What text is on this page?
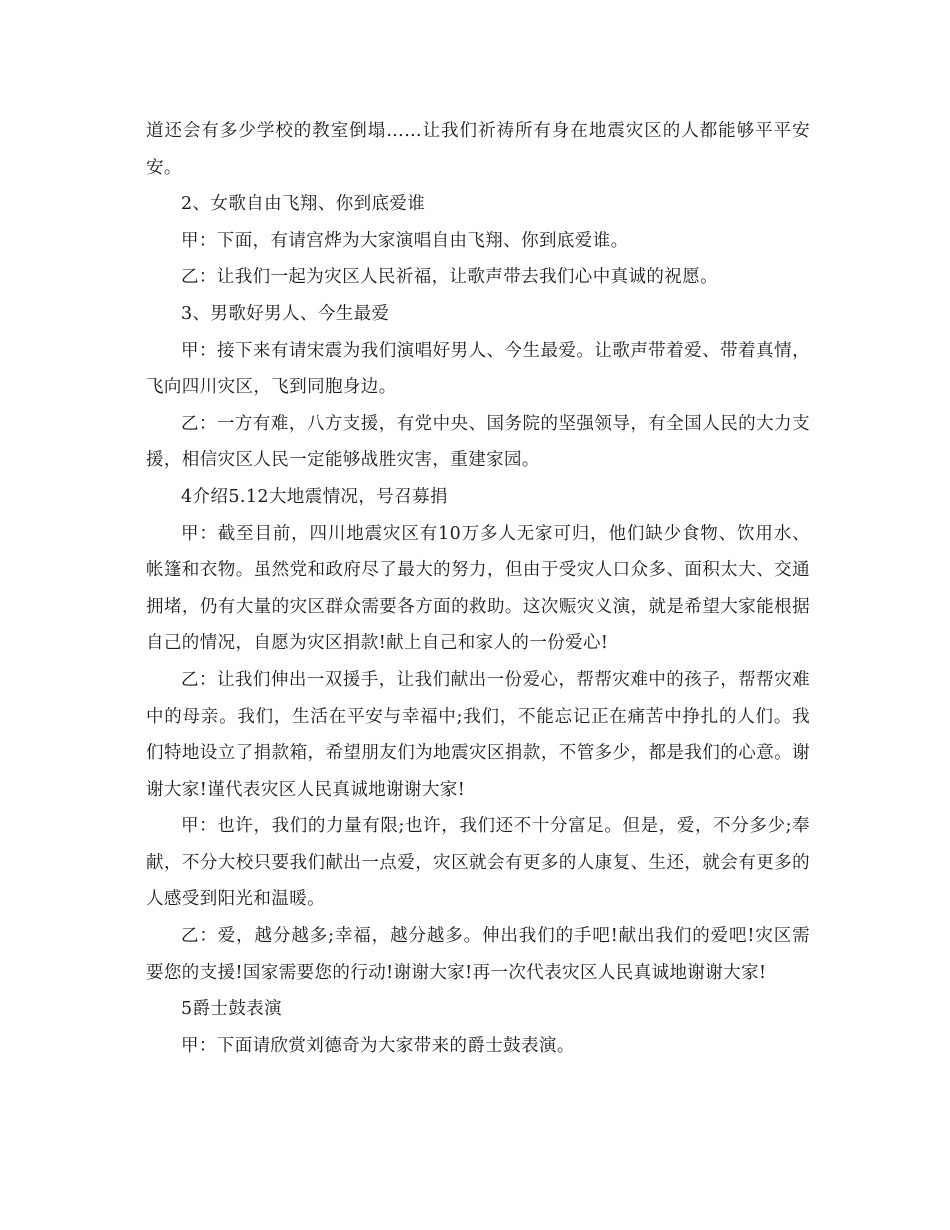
道还会有多少学校的教室倒塌……让我们祈祷所有身在地震灾区的人都能够平平安安。

2、女歌自由飞翔、你到底爱谁

甲：下面，有请宫烨为大家演唱自由飞翔、你到底爱谁。

乙：让我们一起为灾区人民祈福，让歌声带去我们心中真诚的祝愿。

3、男歌好男人、今生最爱

甲：接下来有请宋震为我们演唱好男人、今生最爱。让歌声带着爱、带着真情，飞向四川灾区，飞到同胞身边。

乙：一方有难，八方支援，有党中央、国务院的坚强领导，有全国人民的大力支援，相信灾区人民一定能够战胜灾害，重建家园。

4介绍5.12大地震情况，号召募捐

甲：截至目前，四川地震灾区有10万多人无家可归，他们缺少食物、饮用水、帐篷和衣物。虽然党和政府尽了最大的努力，但由于受灾人口众多、面积太大、交通拥堵，仍有大量的灾区群众需要各方面的救助。这次赈灾义演，就是希望大家能根据自己的情况，自愿为灾区捐款!献上自己和家人的一份爱心!

乙：让我们伸出一双援手，让我们献出一份爱心，帮帮灾难中的孩子，帮帮灾难中的母亲。我们，生活在平安与幸福中;我们，不能忘记正在痛苦中挣扎的人们。我们特地设立了捐款箱，希望朋友们为地震灾区捐款，不管多少，都是我们的心意。谢谢大家!谨代表灾区人民真诚地谢谢大家!

甲：也许，我们的力量有限;也许，我们还不十分富足。但是，爱，不分多少;奉献，不分大校只要我们献出一点爱，灾区就会有更多的人康复、生还，就会有更多的人感受到阳光和温暖。

乙：爱，越分越多;幸福，越分越多。伸出我们的手吧!献出我们的爱吧!灾区需要您的支援!国家需要您的行动!谢谢大家!再一次代表灾区人民真诚地谢谢大家!

5爵士鼓表演

甲：下面请欣赏刘德奇为大家带来的爵士鼓表演。
